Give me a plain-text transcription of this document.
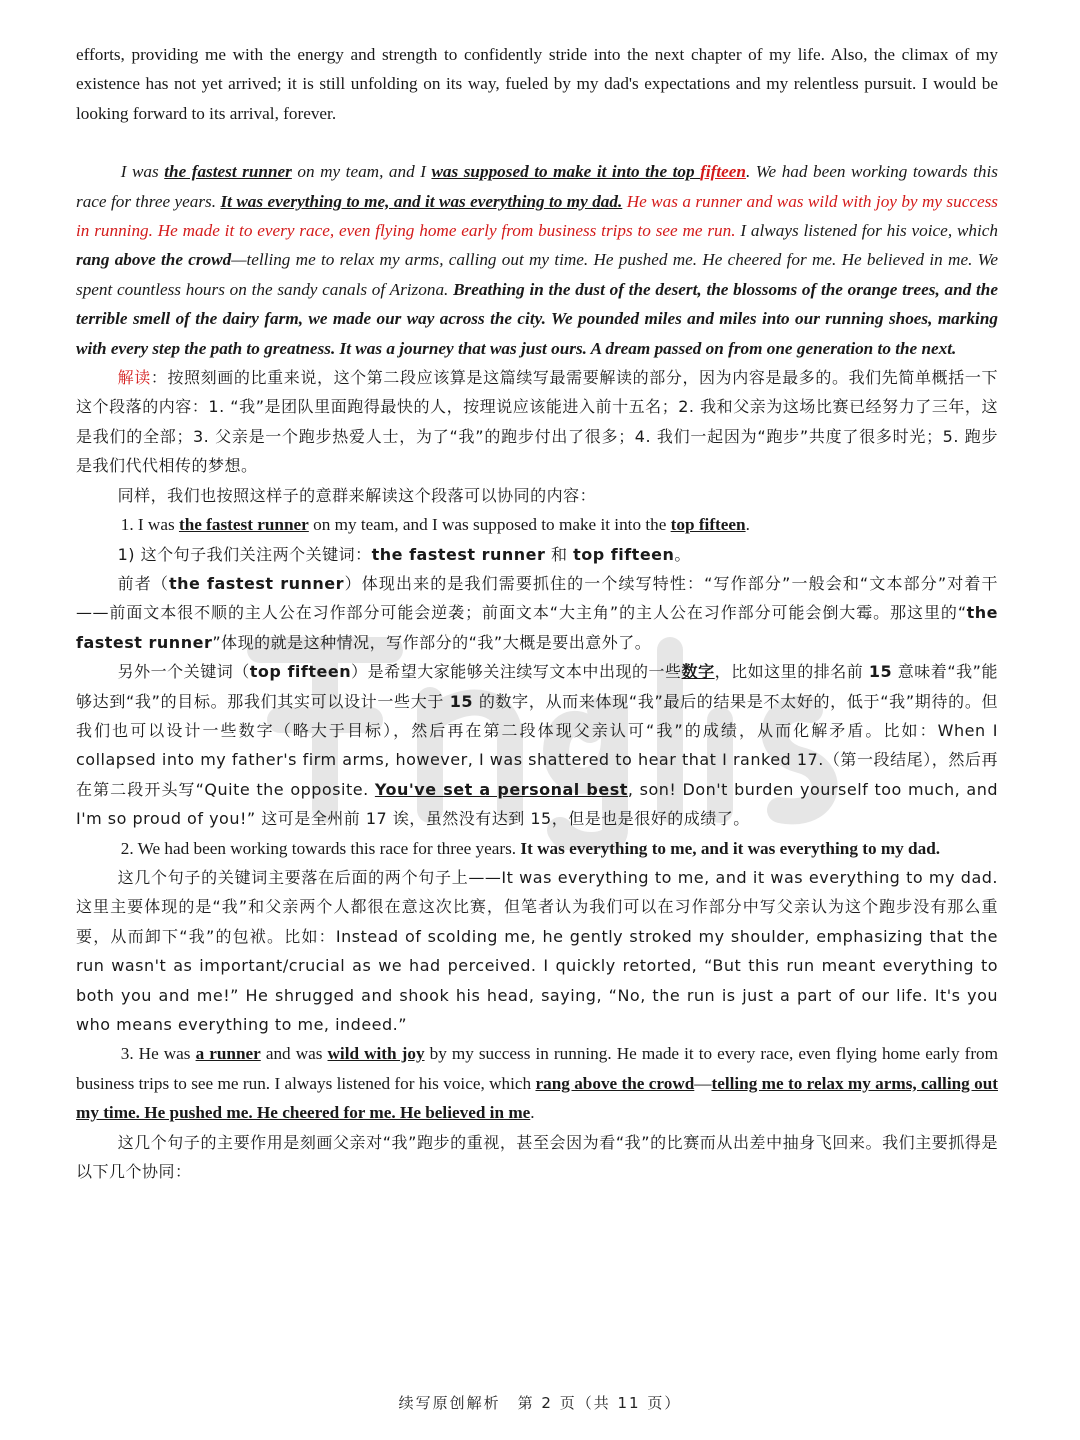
efforts, providing me with the energy and strength to confidently stride into the next chapter of my life. Also, the climax of my existence has not yet arrived; it is still unfolding on its way, fueled by my dad's expectations and my relentless pursuit. I would be looking forward to its arrival, forever.

I was the fastest runner on my team, and I was supposed to make it into the top fifteen. We had been working towards this race for three years. It was everything to me, and it was everything to my dad. He was a runner and was wild with joy by my success in running. He made it to every race, even flying home early from business trips to see me run. I always listened for his voice, which rang above the crowd—telling me to relax my arms, calling out my time. He pushed me. He cheered for me. He believed in me. We spent countless hours on the sandy canals of Arizona. Breathing in the dust of the desert, the blossoms of the orange trees, and the terrible smell of the dairy farm, we made our way across the city. We pounded miles and miles into our running shoes, marking with every step the path to greatness. It was a journey that was just ours. A dream passed on from one generation to the next.

解读：按照刻画的比重来说，这个第二段应该算是这篇续写最需要解读的部分，因为内容是最多的。我们先简单概括一下这个段落的内容：1. “我”是团队里面跑得最快的人，按理说应该能进入前十五名；2. 我和父亲为这场比赛已经努力了三年，这是我们的全部；3. 父亲是一个跑步热爱人士，为了“我”的跑步付出了很多；4. 我们一起因为“跑步”共度了很多时光；5. 跑步是我们代代相传的梦想。

同样，我们也按照这样子的意群来解读这个段落可以协同的内容：

1. I was the fastest runner on my team, and I was supposed to make it into the top fifteen.

1) 这个句子我们关注两个关键词：the fastest runner 和 top fifteen。

前者（the fastest runner）体现出来的是我们需要抓住的一个续写特性：“写作部分”一般会和“文本部分”对着干——前面文本很不顺的主人公在习作部分可能会逆袭；前面文本“大主角”的主人公在习作部分可能会倒大霉。那这里的“the fastest runner”体现的就是这种情况，写作部分的“我”大概是要出意外了。

另外一个关键词（top fifteen）是希望大家能够关注续写文本中出现的一些数字，比如这里的排名前 15 意味着“我”能够达到“我”的目标。那我们其实可以设计一些大于 15 的数字，从而来体现“我”最后的结果是不太好的，低于“我”期待的。但我们也可以设计一些数字（略大于目标），然后再在第二段体现父亲认可“我”的成绩，从而化解矛盾。比如：When I collapsed into my father's firm arms, however, I was shattered to hear that I ranked 17.（第一段结尾），然后再在第二段开头写“Quite the opposite. You've set a personal best, son! Don't burden yourself too much, and I'm so proud of you!” 这可是全州前 17 诶，虽然没有达到 15，但是也是很好的成绩了。

2. We had been working towards this race for three years. It was everything to me, and it was everything to my dad.

这几个句子的关键词主要落在后面的两个句子上——It was everything to me, and it was everything to my dad. 这里主要体现的是“我”和父亲两个人都很在意这次比赛，但笔者认为我们可以在习作部分中写父亲认为这个跑步没有那么重要，从而卸下“我”的包袱。比如：Instead of scolding me, he gently stroked my shoulder, emphasizing that the run wasn't as important/crucial as we had perceived. I quickly retorted, “But this run meant everything to both you and me!” He shrugged and shook his head, saying, “No, the run is just a part of our life. It's you who means everything to me, indeed.”

3. He was a runner and was wild with joy by my success in running. He made it to every race, even flying home early from business trips to see me run. I always listened for his voice, which rang above the crowd—telling me to relax my arms, calling out my time. He pushed me. He cheered for me. He believed in me.

这几个句子的主要作用是刻画父亲对“我”跑步的重视，甚至会因为看“我”的比赛而从出差中抽身飞回来。我们主要抓得是以下几个协同：

续写原创解析　第 2 页（共 11 页）
